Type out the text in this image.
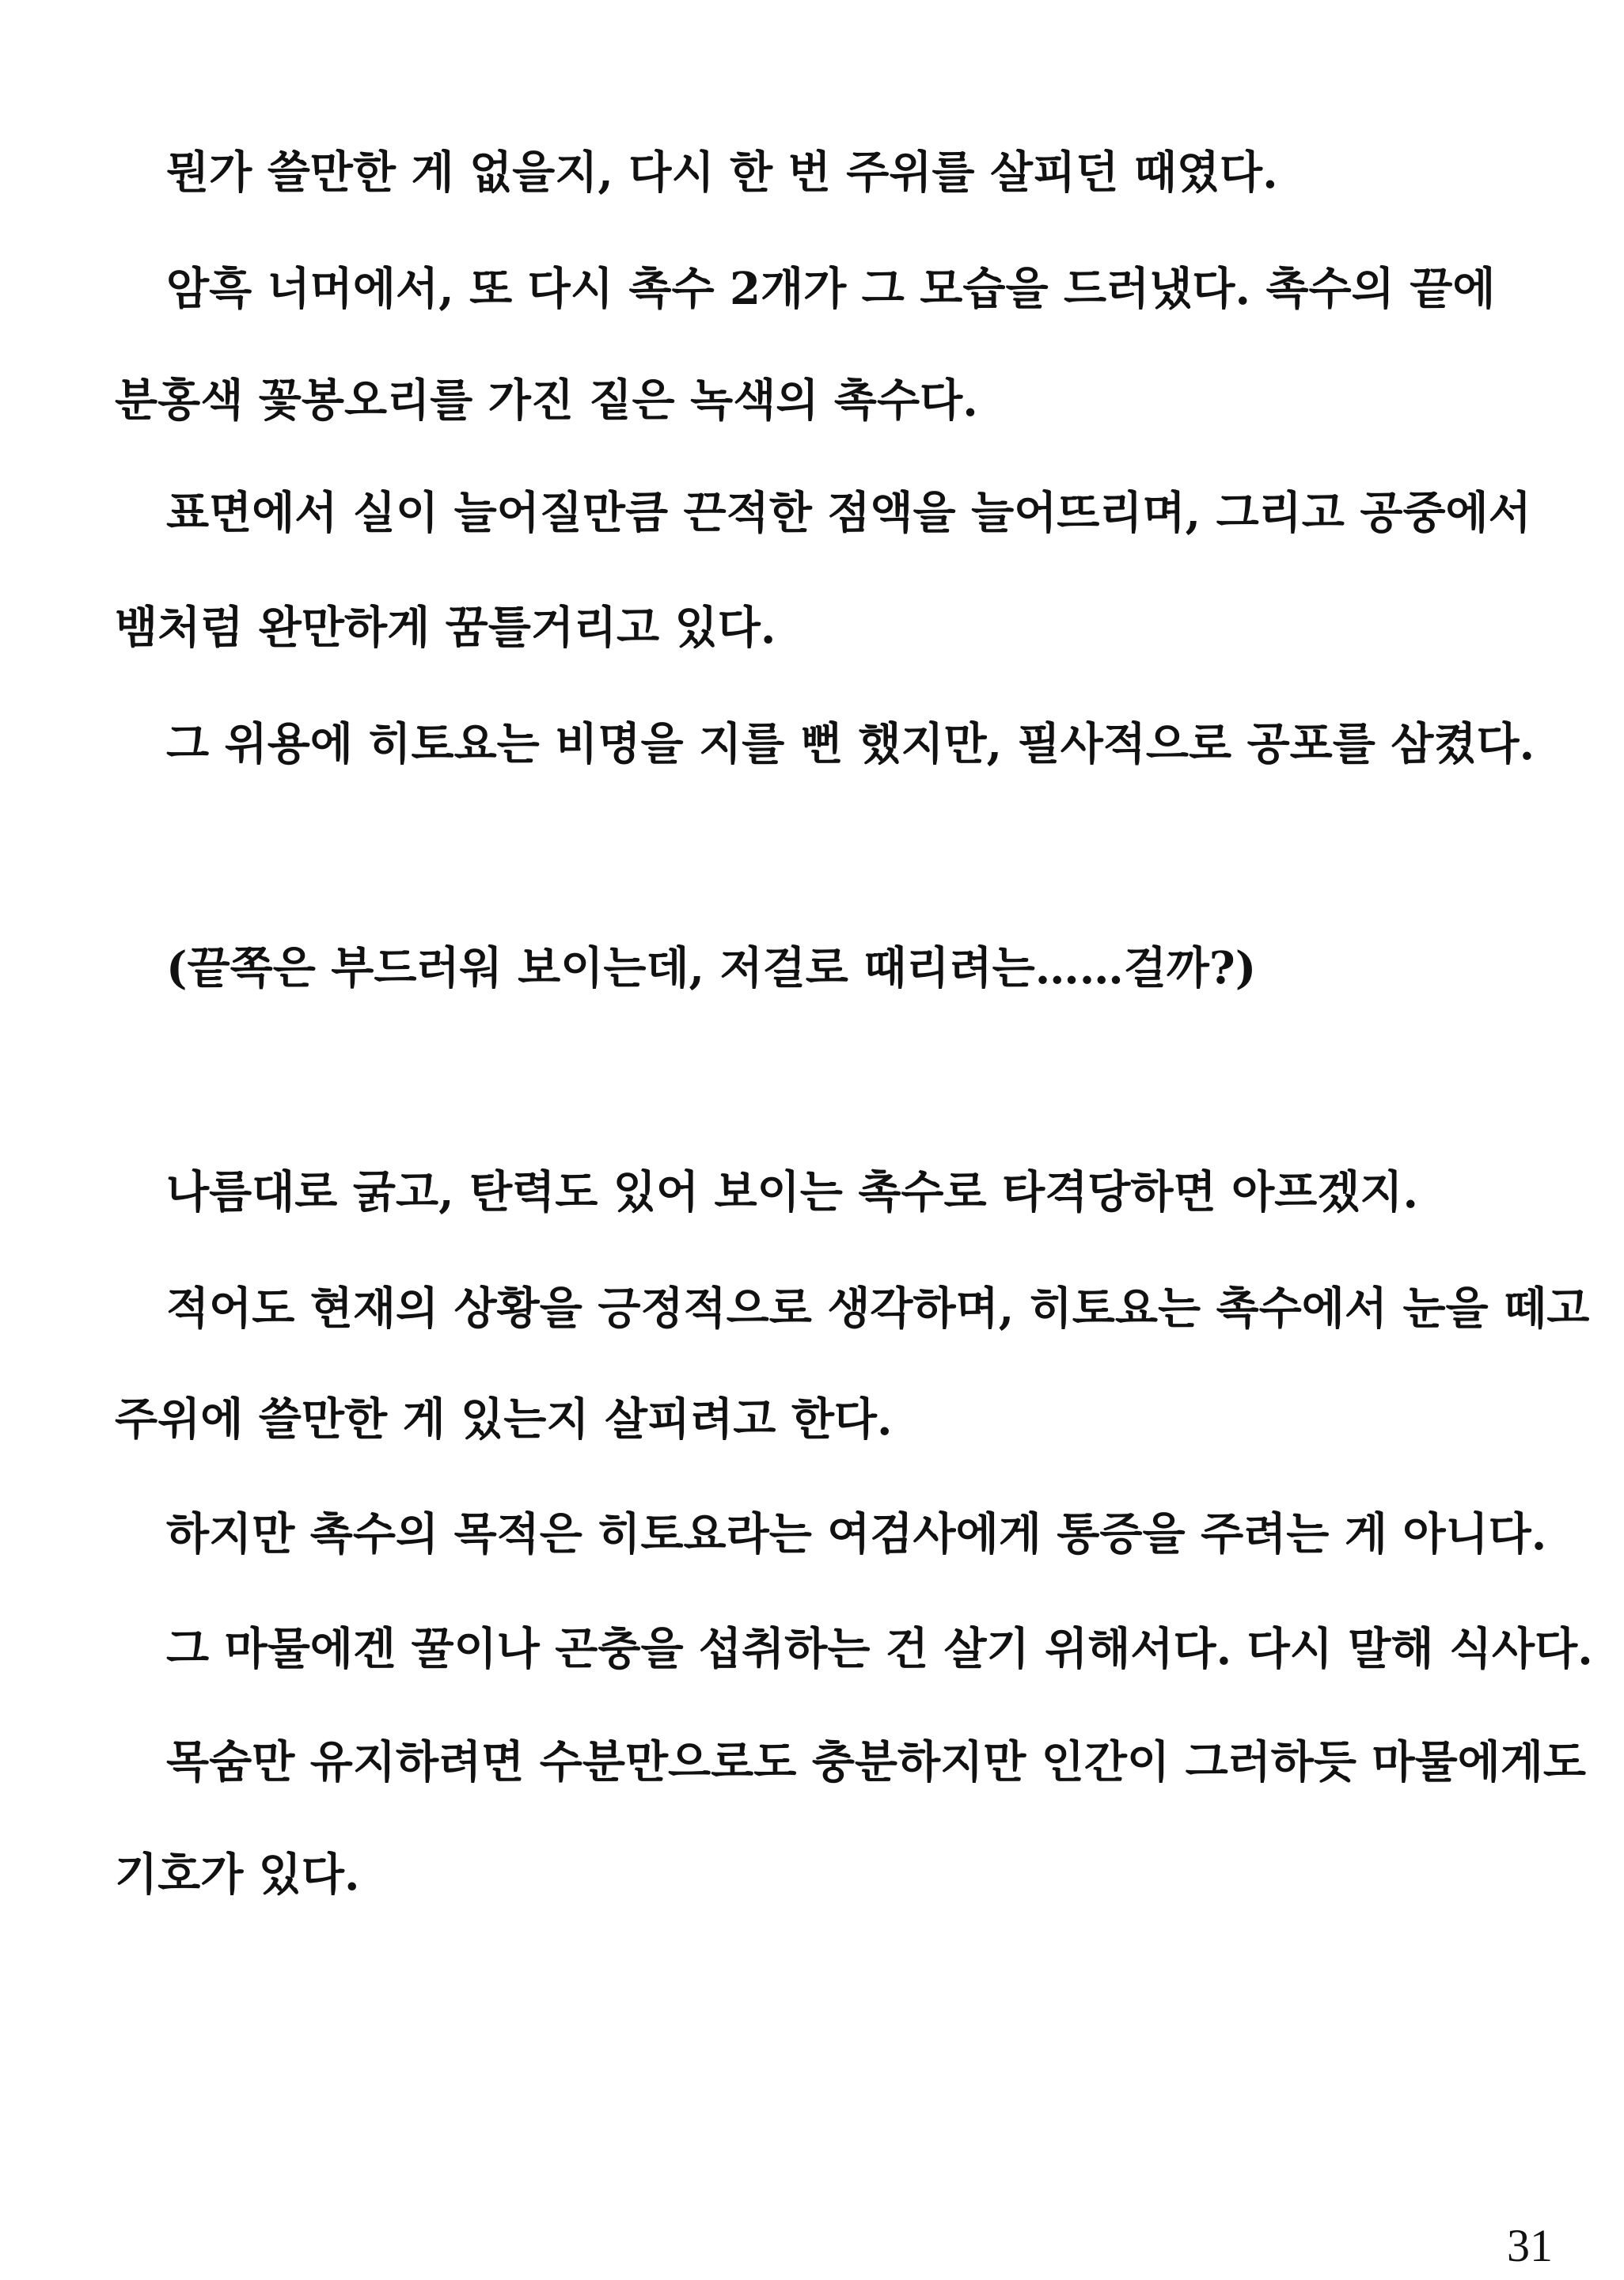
뭔가 쓸만한 게 없을지, 다시 한 번 주위를 살피던 때였다.
암흑 너머에서, 또 다시 촉수 2개가 그 모습을 드러냈다. 촉수의 끝에
분홍색 꽃봉오리를 가진 짙은 녹색의 촉수다.
표면에서 실이 늘어질만큼 끈적한 점액을 늘어뜨리며, 그리고 공중에서
뱀처럼 완만하게 꿈틀거리고 있다.
그 위용에 히토요는 비명을 지를 뻔 했지만, 필사적으로 공포를 삼켰다.
(끝쪽은 부드러워 보이는데, 저걸로 때리려는……걸까?)
나름대로 굵고, 탄력도 있어 보이는 촉수로 타격당하면 아프겠지.
적어도 현재의 상황을 긍정적으로 생각하며, 히토요는 촉수에서 눈을 떼고
주위에 쓸만한 게 있는지 살피려고 한다.
하지만 촉수의 목적은 히토요라는 여검사에게 통증을 주려는 게 아니다.
그 마물에겐 꿀이나 곤충을 섭취하는 건 살기 위해서다. 다시 말해 식사다.
목숨만 유지하려면 수분만으로도 충분하지만 인간이 그러하듯 마물에게도
기호가 있다.
31
